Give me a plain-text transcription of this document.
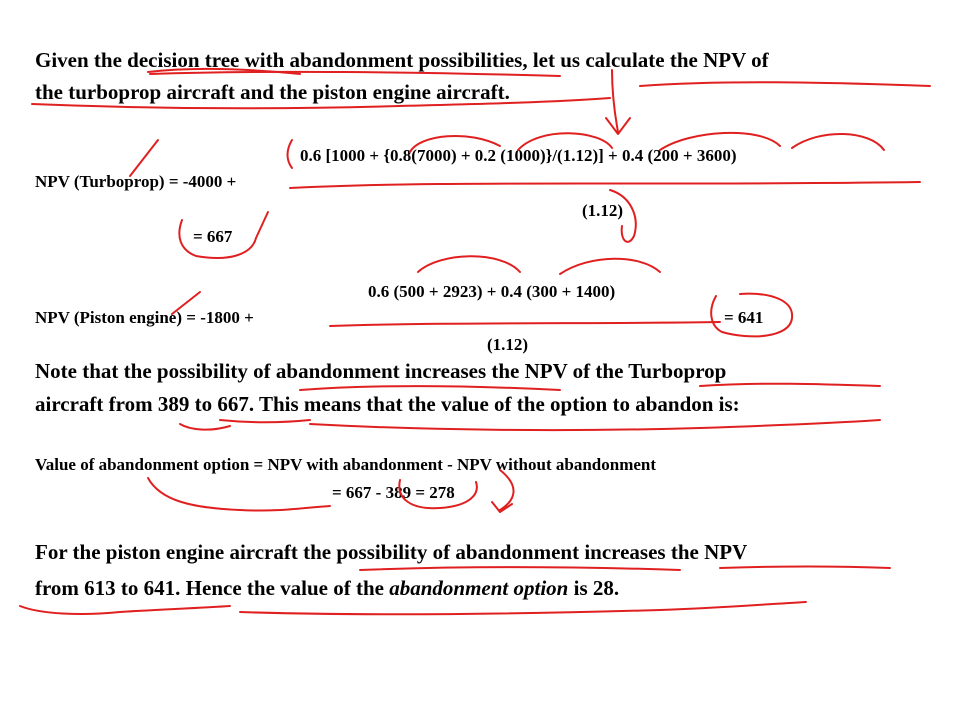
Given the decision tree with abandonment possibilities, let us calculate the NPV of
the turboprop aircraft and the piston engine aircraft.
0.6 [1000 + {0.8(7000) + 0.2 (1000)}/(1.12)] + 0.4 (200 + 3600)
NPV (Turboprop) = -4000 +
(1.12)
= 667
0.6 (500 + 2923) + 0.4 (300 + 1400)
NPV (Piston engine) = -1800 +	= 641
(1.12)
Note that the possibility of abandonment increases the NPV of the Turboprop
aircraft from 389 to 667. This means that the value of the option to abandon is:
Value of abandonment option = NPV with abandonment - NPV without abandonment
= 667 - 389 = 278
For the piston engine aircraft the possibility of abandonment increases the NPV
from 613 to 641. Hence the value of the abandonment option is 28.
